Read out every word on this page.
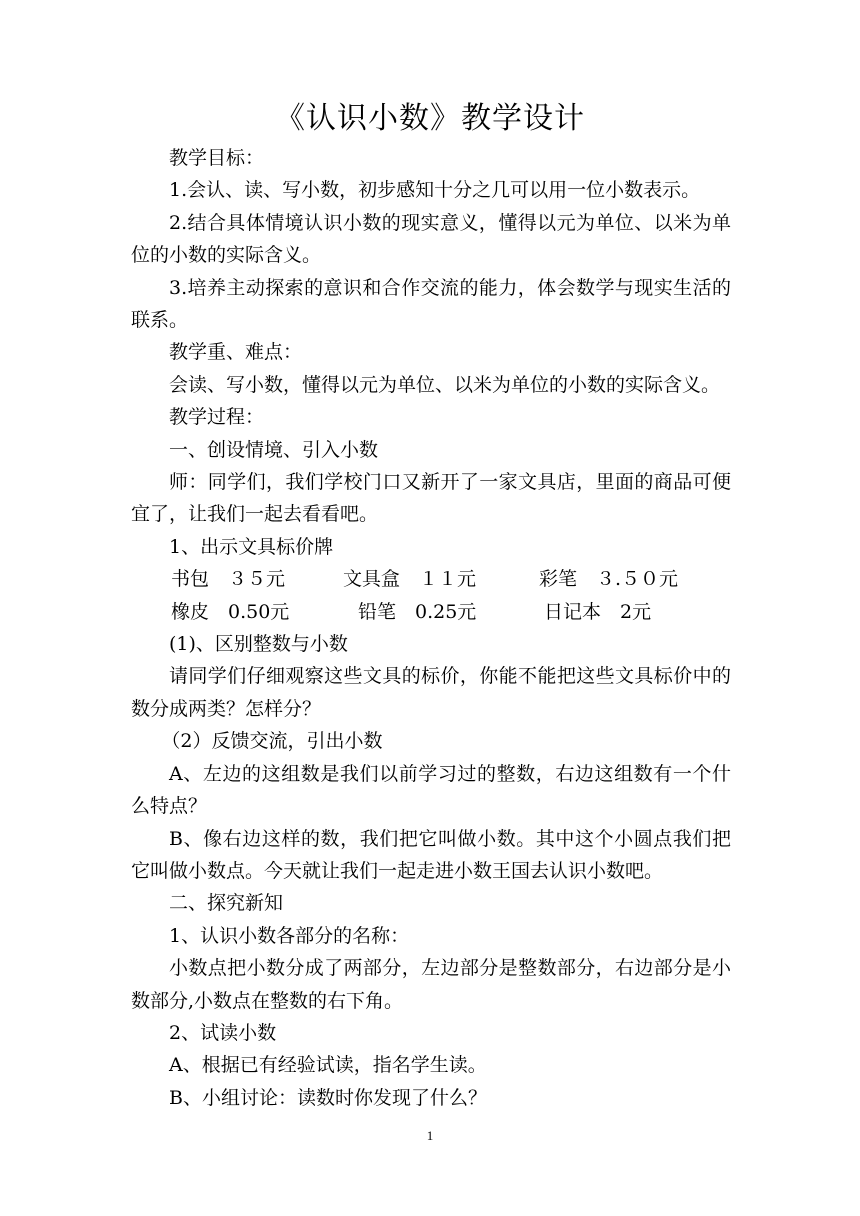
《认识小数》教学设计

教学目标：

1.会认、读、写小数，初步感知十分之几可以用一位小数表示。

2.结合具体情境认识小数的现实意义，懂得以元为单位、以米为单位的小数的实际含义。

3.培养主动探索的意识和合作交流的能力，体会数学与现实生活的联系。

教学重、难点：

会读、写小数，懂得以元为单位、以米为单位的小数的实际含义。

教学过程：

一、创设情境、引入小数

师：同学们，我们学校门口又新开了一家文具店，里面的商品可便宜了，让我们一起去看看吧。

1、出示文具标价牌

书包　３５元	文具盒　１１元	彩笔　３.５０元
橡皮　0.50元	铅笔　0.25元	日记本　2元

(1)、区别整数与小数

请同学们仔细观察这些文具的标价，你能不能把这些文具标价中的数分成两类？怎样分？

（2）反馈交流，引出小数

A、左边的这组数是我们以前学习过的整数，右边这组数有一个什么特点？

B、像右边这样的数，我们把它叫做小数。其中这个小圆点我们把它叫做小数点。今天就让我们一起走进小数王国去认识小数吧。

二、探究新知

1、认识小数各部分的名称：

小数点把小数分成了两部分，左边部分是整数部分，右边部分是小数部分,小数点在整数的右下角。

2、试读小数

A、根据已有经验试读，指名学生读。

B、小组讨论：读数时你发现了什么？

1
